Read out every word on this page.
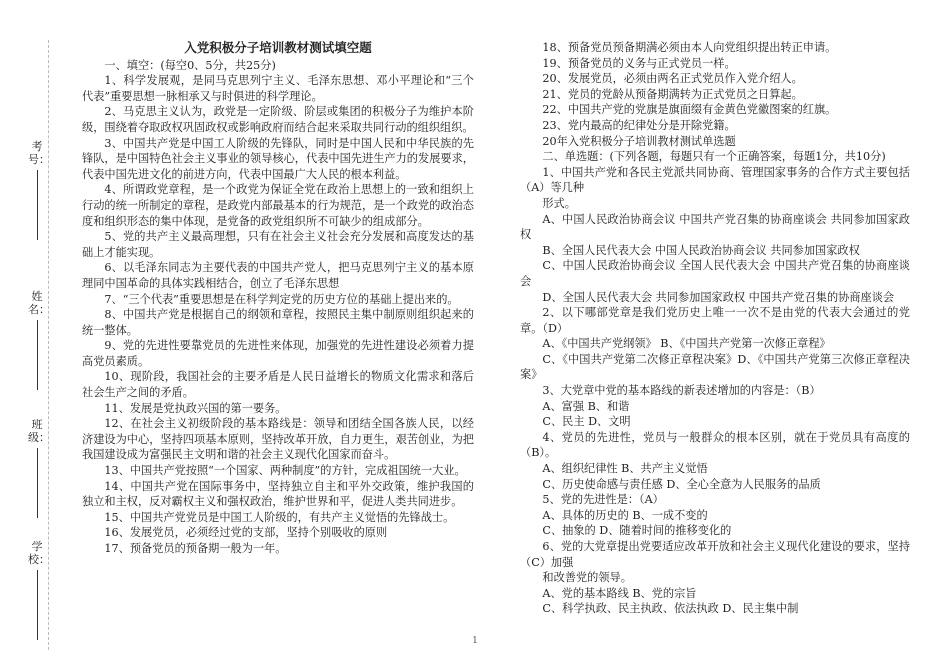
考号：
姓名：
班级：
学校：
入党积极分子培训教材测试填空题

一、填空：(每空0、5分，共25分)

1、科学发展观，是同马克思列宁主义、毛泽东思想、邓小平理论和“三个代表”重要思想一脉相承又与时俱进的科学理论。

2、马克思主义认为，政党是一定阶级、阶层或集团的积极分子为维护本阶级，围绕着夺取政权巩固政权或影响政府而结合起来采取共同行动的组织组织。

3、中国共产党是中国工人阶级的先锋队，同时是中国人民和中华民族的先锋队，是中国特色社会主义事业的领导核心，代表中国先进生产力的发展要求，代表中国先进文化的前进方向，代表中国最广大人民的根本利益。

4、所谓政党章程，是一个政党为保证全党在政治上思想上的一致和组织上行动的统一所制定的章程，是政党内部最基本的行为规范，是一个政党的政治态度和组织形态的集中体现，是党备的政党组织所不可缺少的组成部分。

5、党的共产主义最高理想，只有在社会主义社会充分发展和高度发达的基础上才能实现。

6、以毛泽东同志为主要代表的中国共产党人，把马克思列宁主义的基本原理同中国革命的具体实践相结合，创立了毛泽东思想

7、“三个代表”重要思想是在科学判定党的历史方位的基础上提出来的。

8、中国共产党是根据自己的纲领和章程，按照民主集中制原则组织起来的统一整体。

9、党的先进性要靠党员的先进性来体现，加强党的先进性建设必须着力提高党员素质。

10、现阶段，我国社会的主要矛盾是人民日益增长的物质文化需求和落后社会生产之间的矛盾。

11、发展是党执政兴国的第一要务。

12、在社会主义初级阶段的基本路线是：领导和团结全国各族人民，以经济建设为中心，坚持四项基本原则，坚持改革开放，自力更生，艰苦创业，为把我国建设成为富强民主文明和谐的社会主义现代化国家而奋斗。

13、中国共产党按照“一个国家、两种制度”的方针，完成祖国统一大业。

14、中国共产党在国际事务中，坚持独立自主和平外交政策，维护我国的独立和主权，反对霸权主义和强权政治，维护世界和平，促进人类共同进步。

15、中国共产党党员是中国工人阶级的，有共产主义觉悟的先锋战士。

16、发展党员，必须经过党的支部，坚持个别吸收的原则

17、预备党员的预备期一般为一年。

18、预备党员预备期满必须由本人向党组织提出转正申请。

19、预备党员的义务与正式党员一样。

20、发展党员，必须由两名正式党员作入党介绍人。

21、党员的党龄从预备期满转为正式党员之日算起。

22、中国共产党的党旗是旗面缀有金黄色党徽图案的红旗。

23、党内最高的纪律处分是开除党籍。

20年入党积极分子培训教材测试单选题

二、单选题：(下列各题，每题只有一个正确答案，每题1分，共10分)

1、中国共产党和各民主党派共同协商、管理国家事务的合作方式主要包括（A）等几种

形式。

A、中国人民政治协商会议 中国共产党召集的协商座谈会 共同参加国家政权

B、全国人民代表大会 中国人民政治协商会议 共同参加国家政权

C、中国人民政治协商会议 全国人民代表大会 中国共产党召集的协商座谈会

D、全国人民代表大会 共同参加国家政权 中国共产党召集的协商座谈会

2、以下哪部党章是我们党历史上唯一一次不是由党的代表大会通过的党章。（D）

A、《中国共产党纲领》 B、《中国共产党第一次修正章程》

C、《中国共产党第二次修正章程决案》D、《中国共产党第三次修正章程决案》

3、大党章中党的基本路线的新表述增加的内容是：（B）

A、富强 B、和谐

C、民主 D、文明

4、党员的先进性，党员与一般群众的根本区别，就在于党员具有高度的（B）。

A、组织纪律性 B、共产主义觉悟

C、历史使命感与责任感 D、全心全意为人民服务的品质

5、党的先进性是：（A）

A、具体的历史的 B、一成不变的

C、抽象的 D、随着时间的推移变化的

6、党的大党章提出党要适应改革开放和社会主义现代化建设的要求，坚持（C）加强

和改善党的领导。

A、党的基本路线 B、党的宗旨

C、科学执政、民主执政、依法执政 D、民主集中制

1
